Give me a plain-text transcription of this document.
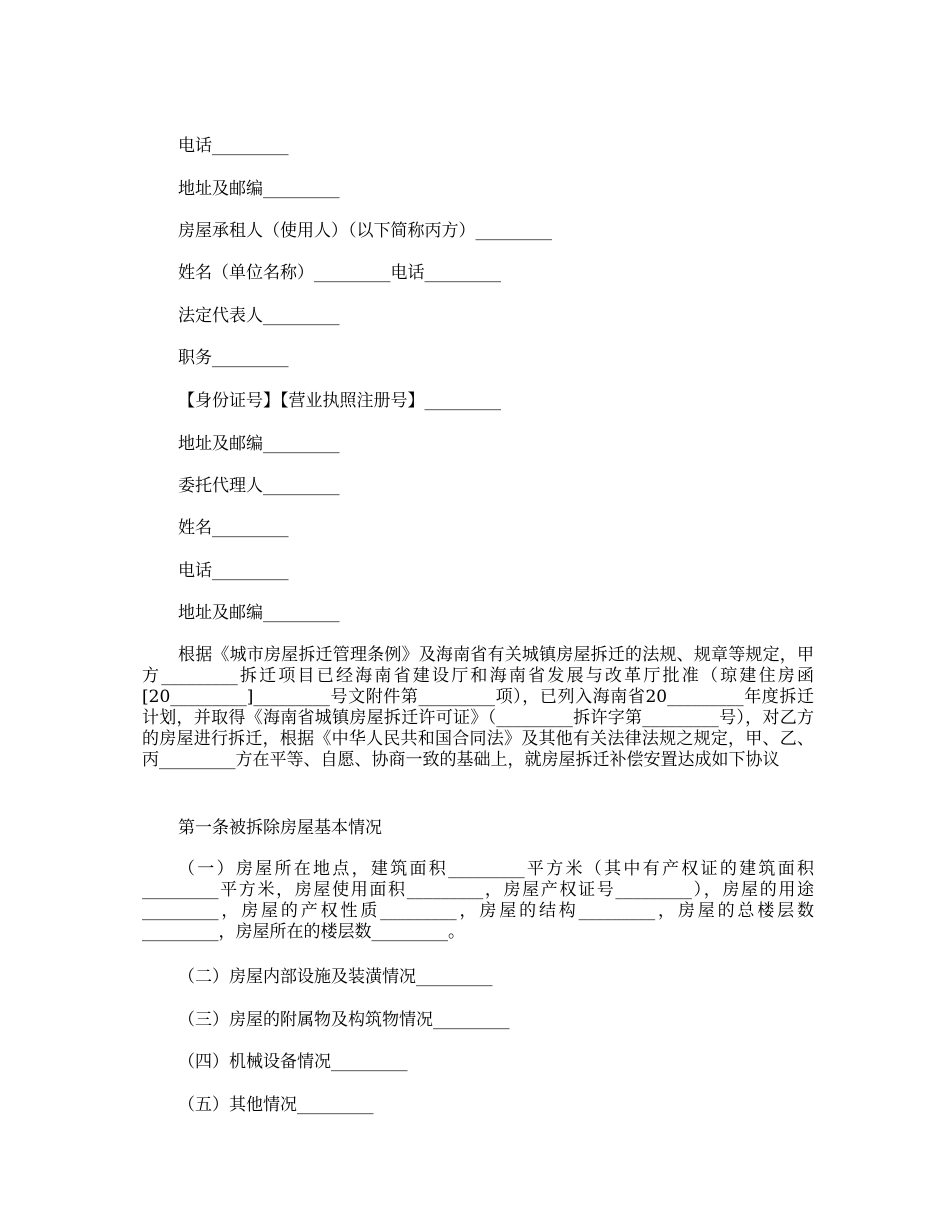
电话_________
地址及邮编_________
房屋承租人（使用人）（以下简称丙方）_________
姓名（单位名称）_________电话_________
法定代表人_________
职务_________
【身份证号】【营业执照注册号】_________
地址及邮编_________
委托代理人_________
姓名_________
电话_________
地址及邮编_________
根据《城市房屋拆迁管理条例》及海南省有关城镇房屋拆迁的法规、规章等规定，甲方_________拆迁项目已经海南省建设厅和海南省发展与改革厅批准（琼建住房函[20_________]_________号文附件第_________项），已列入海南省20_________年度拆迁计划，并取得《海南省城镇房屋拆迁许可证》（_________拆许字第_________号），对乙方的房屋进行拆迁，根据《中华人民共和国合同法》及其他有关法律法规之规定，甲、乙、丙_________方在平等、自愿、协商一致的基础上，就房屋拆迁补偿安置达成如下协议
第一条被拆除房屋基本情况
（一）房屋所在地点，建筑面积_________平方米（其中有产权证的建筑面积_________平方米，房屋使用面积_________，房屋产权证号_________），房屋的用途_________，房屋的产权性质_________，房屋的结构_________，房屋的总楼层数_________，房屋所在的楼层数_________。
（二）房屋内部设施及装潢情况_________
（三）房屋的附属物及构筑物情况_________
（四）机械设备情况_________
（五）其他情况_________
